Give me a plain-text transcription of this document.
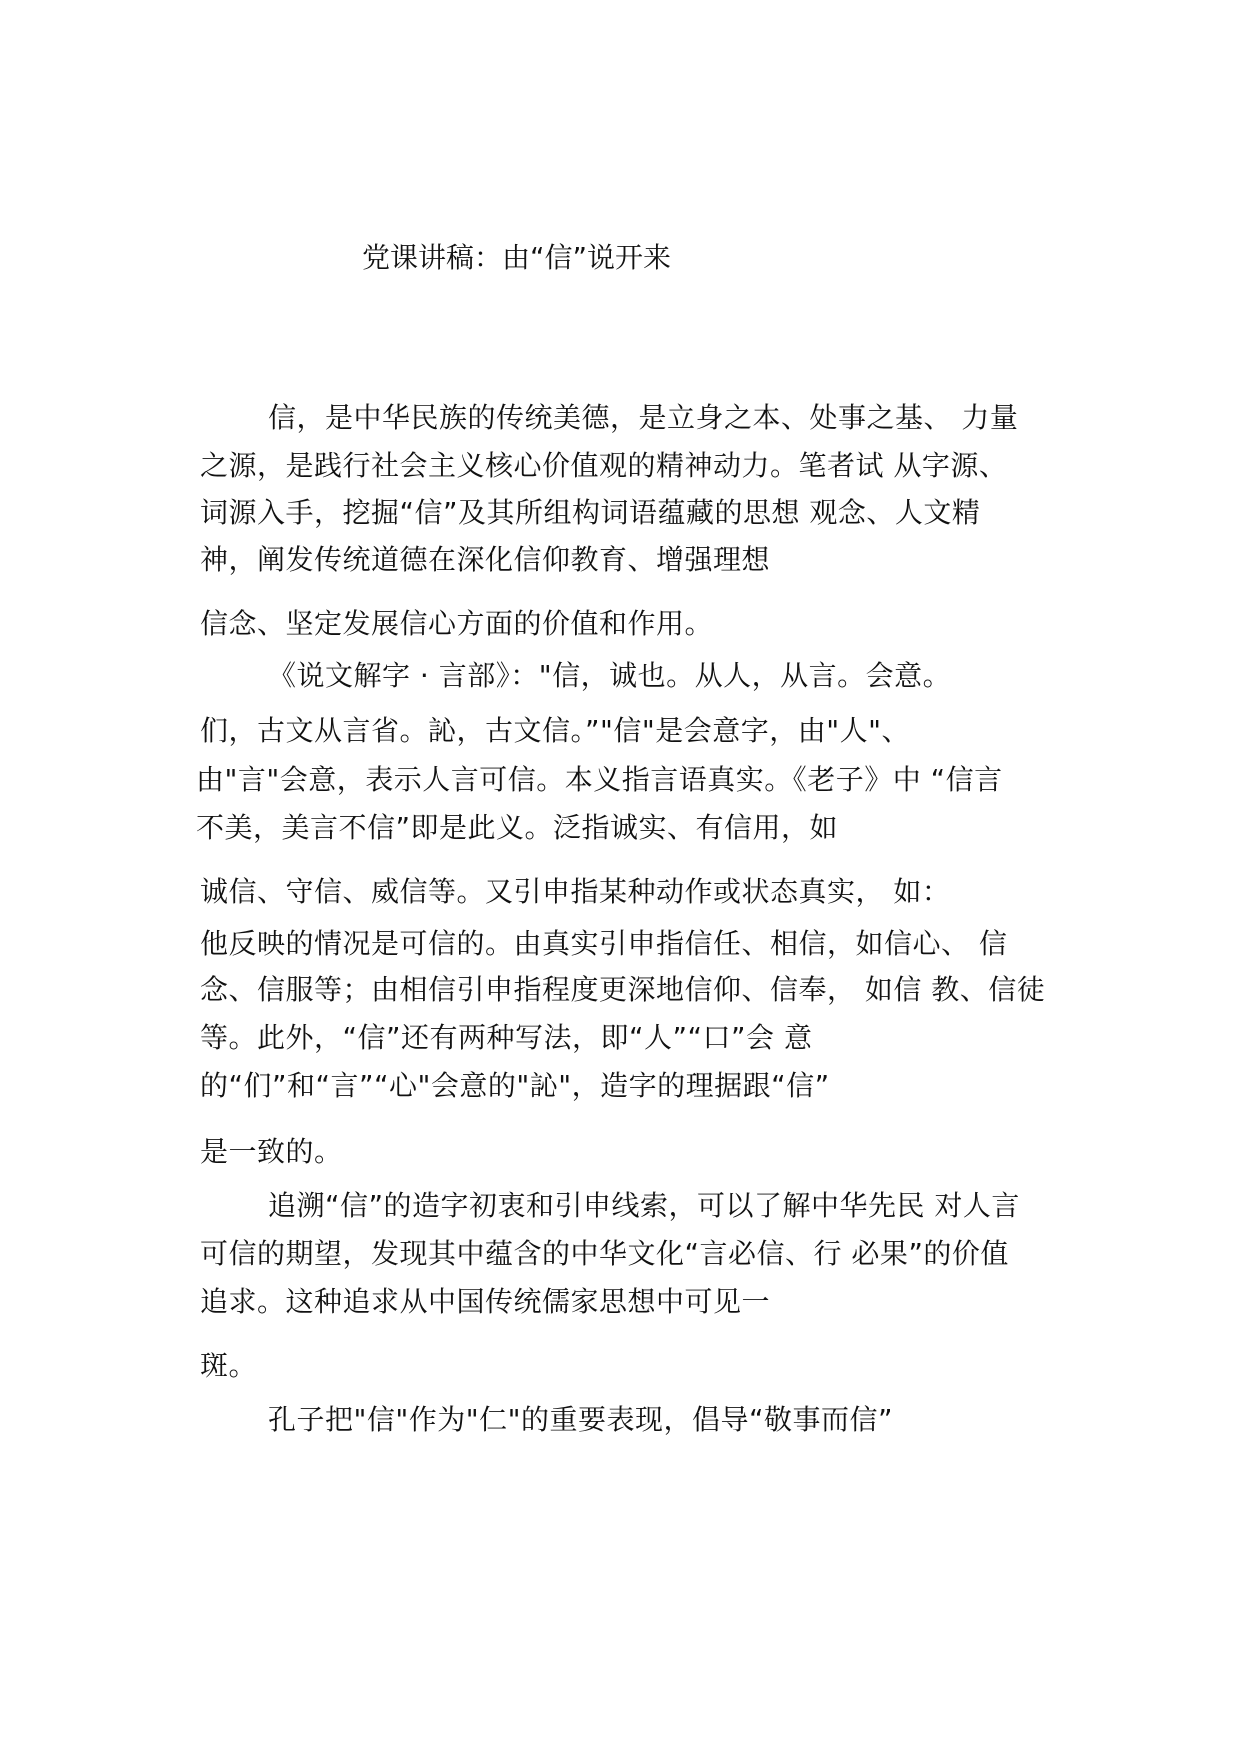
党课讲稿：由“信”说开来
信，是中华民族的传统美德，是立身之本、处事之基、 力量
之源，是践行社会主义核心价值观的精神动力。笔者试 从字源、
词源入手，挖掘“信”及其所组构词语蕴藏的思想 观念、人文精
神，阐发传统道德在深化信仰教育、增强理想
信念、坚定发展信心方面的价值和作用。
《说文解字 · 言部》："信，诚也。从人，从言。会意。
们，古文从言省。訫，古文信。”"信"是会意字，由"人"、
由"言"会意，表示人言可信。本义指言语真实。《老子》中 “信言
不美，美言不信”即是此义。泛指诚实、有信用，如
诚信、守信、威信等。又引申指某种动作或状态真实， 如：
他反映的情况是可信的。由真实引申指信任、相信，如信心、 信
念、信服等；由相信引申指程度更深地信仰、信奉， 如信 教、信徒
等。此外，“信”还有两种写法，即“人”“口”会 意
的“们”和“言”“心"会意的"訫"，造字的理据跟“信”
是一致的。
追溯“信”的造字初衷和引申线索，可以了解中华先民 对人言
可信的期望，发现其中蕴含的中华文化“言必信、行 必果”的价值
追求。这种追求从中国传统儒家思想中可见一
斑。
孔子把"信"作为"仁"的重要表现，倡导“敬事而信”
